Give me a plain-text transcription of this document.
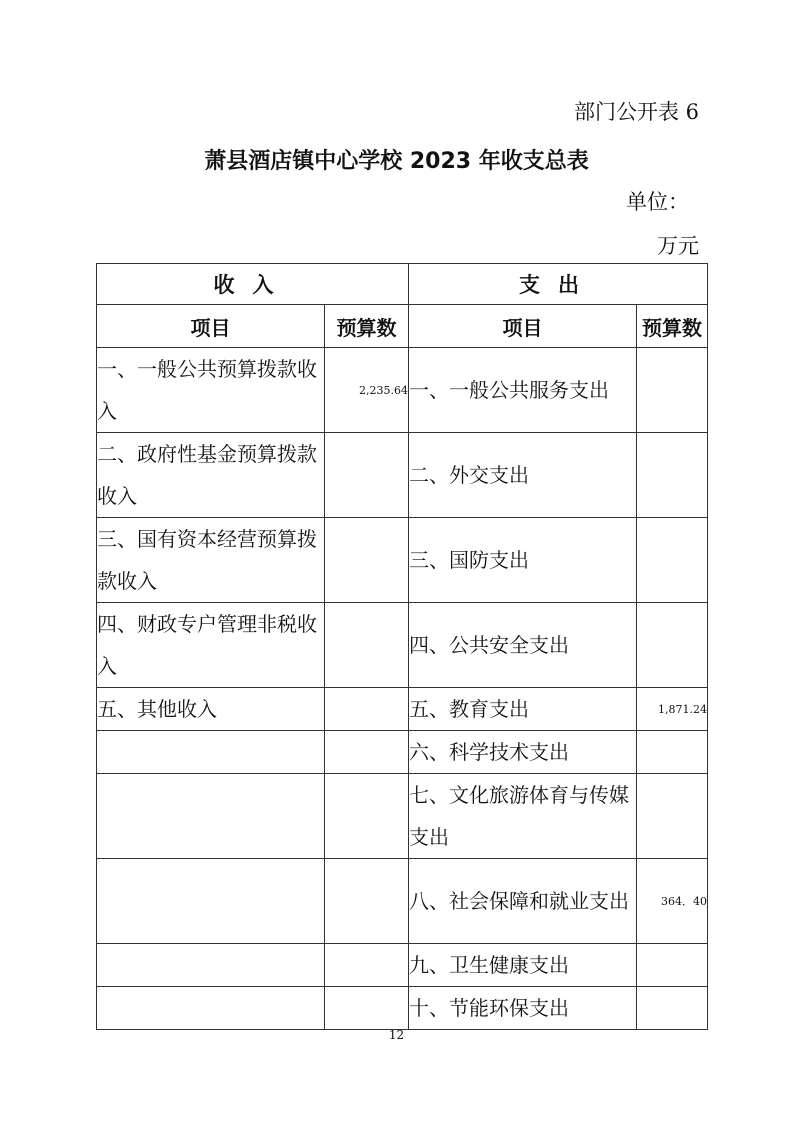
部门公开表 6
萧县酒店镇中心学校 2023 年收支总表
单位：
万元
收入		支出	
项目	预算数	项目	预算数
一、一般公共预算拨款收入	2,235.64	一、一般公共服务支出	
二、政府性基金预算拨款收入		二、外交支出	
三、国有资本经营预算拨款收入		三、国防支出	
四、财政专户管理非税收入		四、公共安全支出	
五、其他收入		五、教育支出	1,871.24
		六、科学技术支出	
		七、文化旅游体育与传媒支出	
		八、社会保障和就业支出	364．40
		九、卫生健康支出	
		十、节能环保支出	
12
